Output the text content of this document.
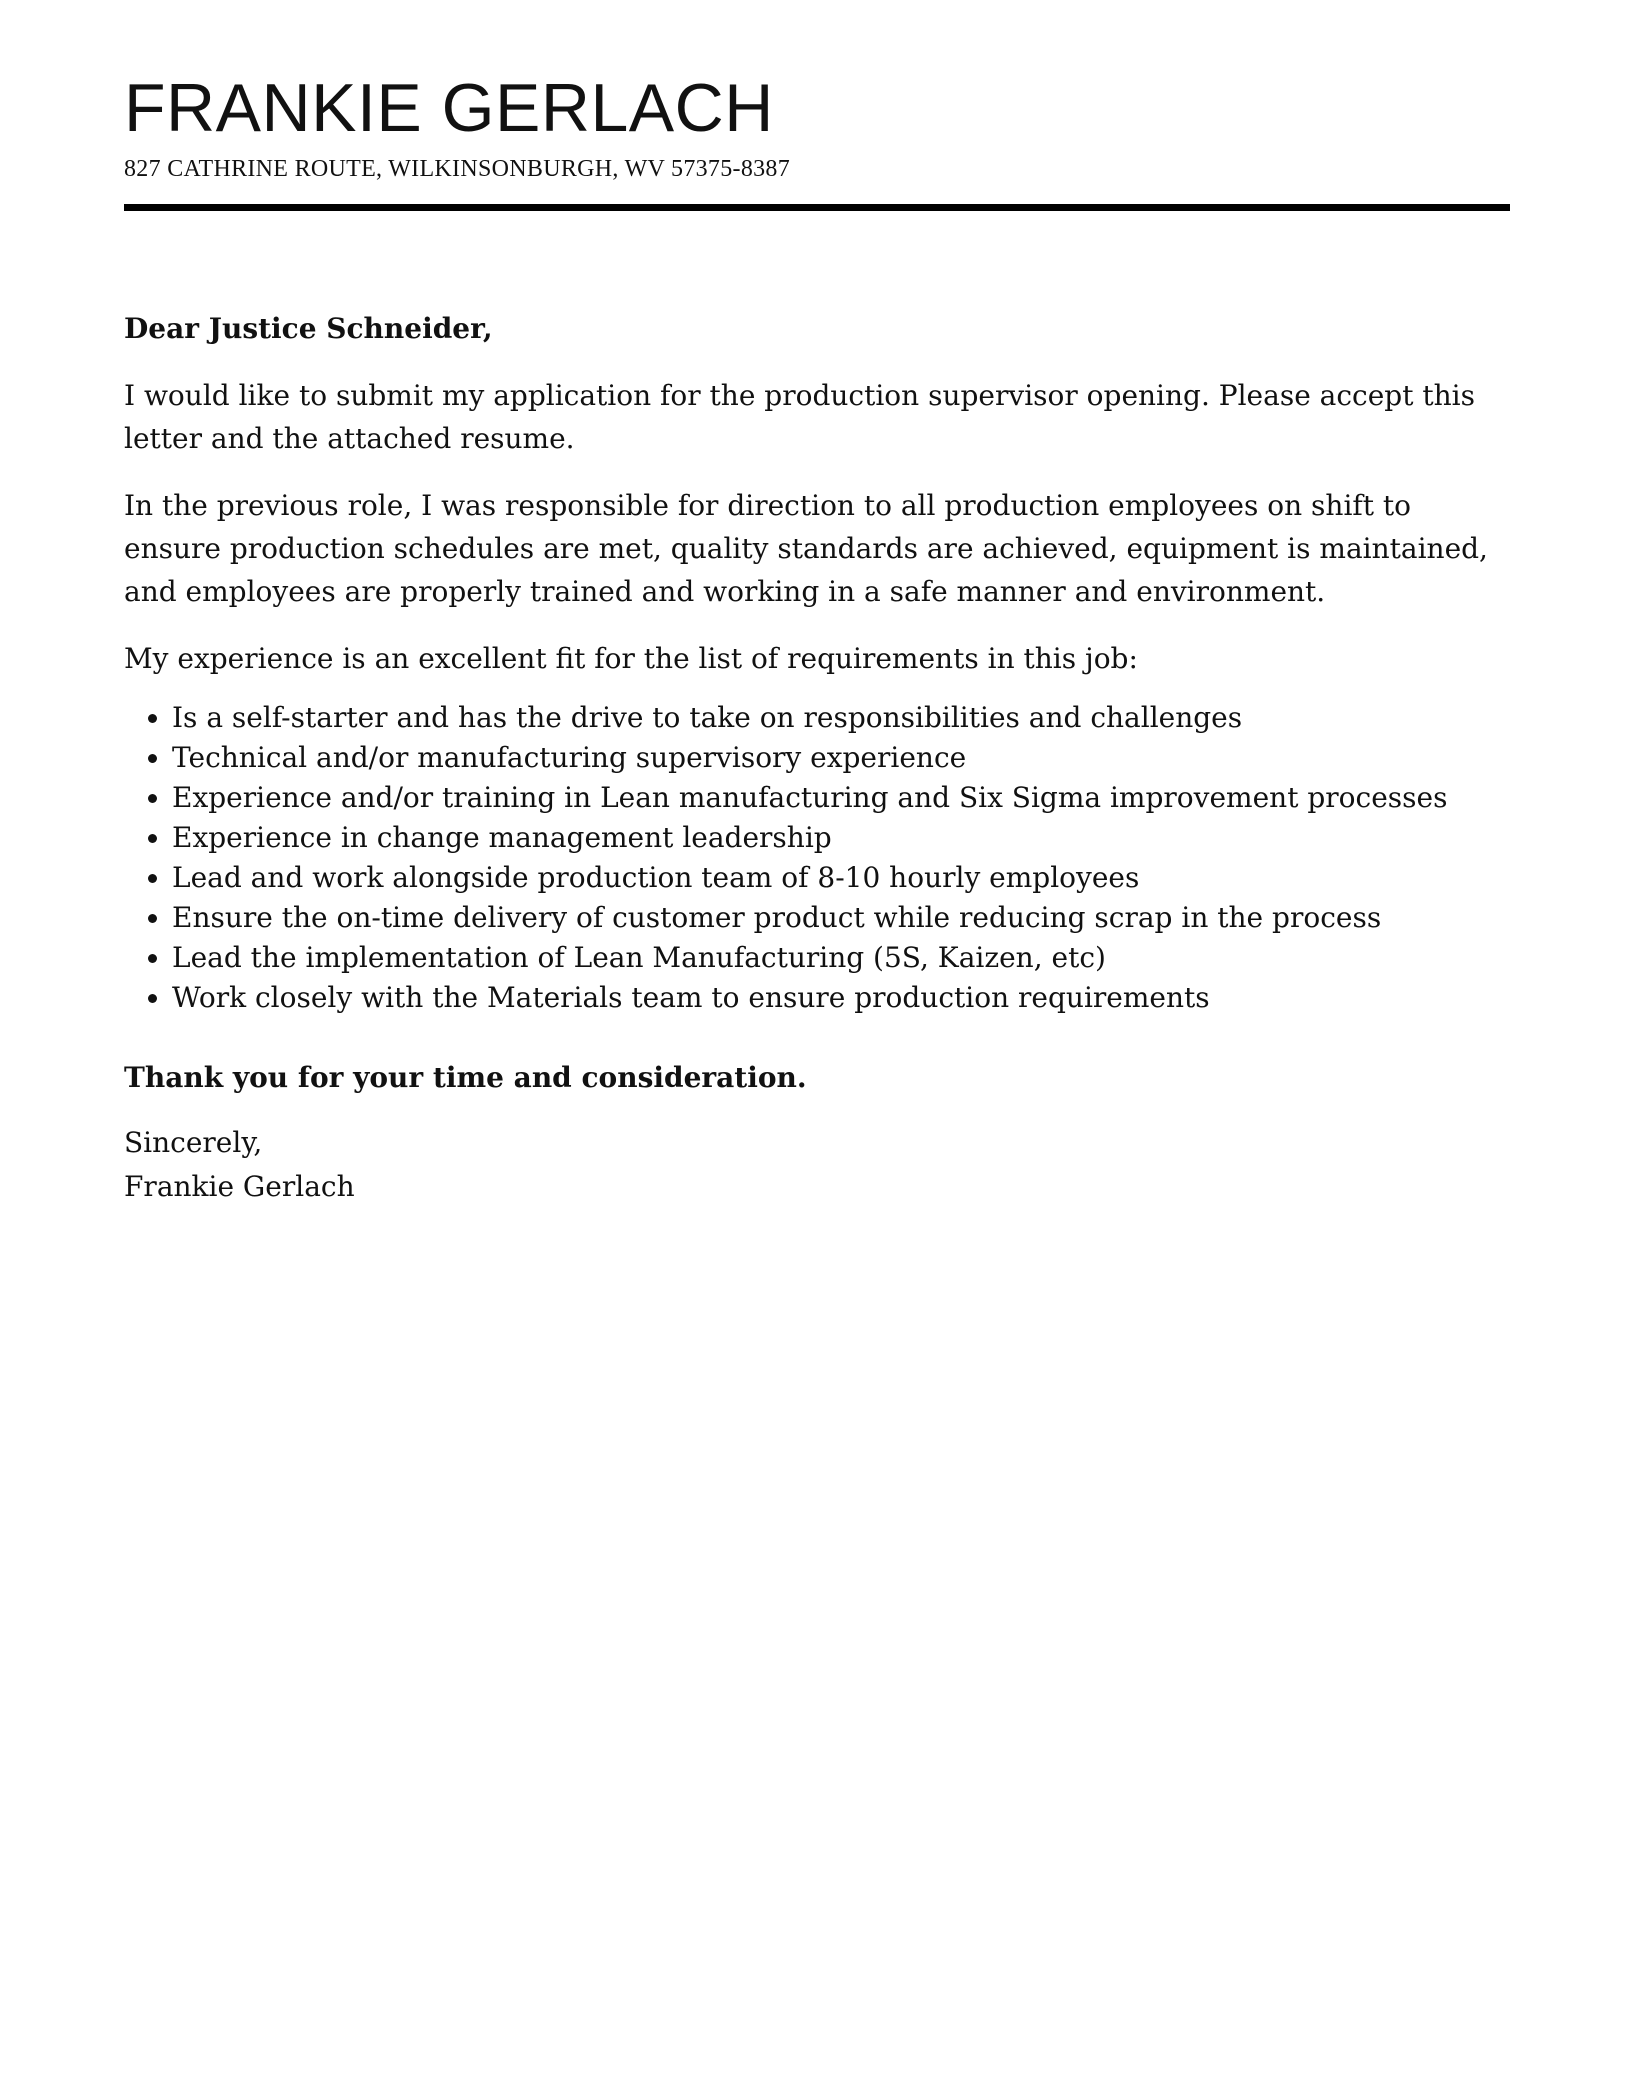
FRANKIE GERLACH
827 CATHRINE ROUTE, WILKINSONBURGH, WV 57375-8387

Dear Justice Schneider,

I would like to submit my application for the production supervisor opening. Please accept this letter and the attached resume.

In the previous role, I was responsible for direction to all production employees on shift to ensure production schedules are met, quality standards are achieved, equipment is maintained, and employees are properly trained and working in a safe manner and environment.

My experience is an excellent fit for the list of requirements in this job:

• Is a self-starter and has the drive to take on responsibilities and challenges
• Technical and/or manufacturing supervisory experience
• Experience and/or training in Lean manufacturing and Six Sigma improvement processes
• Experience in change management leadership
• Lead and work alongside production team of 8-10 hourly employees
• Ensure the on-time delivery of customer product while reducing scrap in the process
• Lead the implementation of Lean Manufacturing (5S, Kaizen, etc)
• Work closely with the Materials team to ensure production requirements

Thank you for your time and consideration.

Sincerely,

Frankie Gerlach
